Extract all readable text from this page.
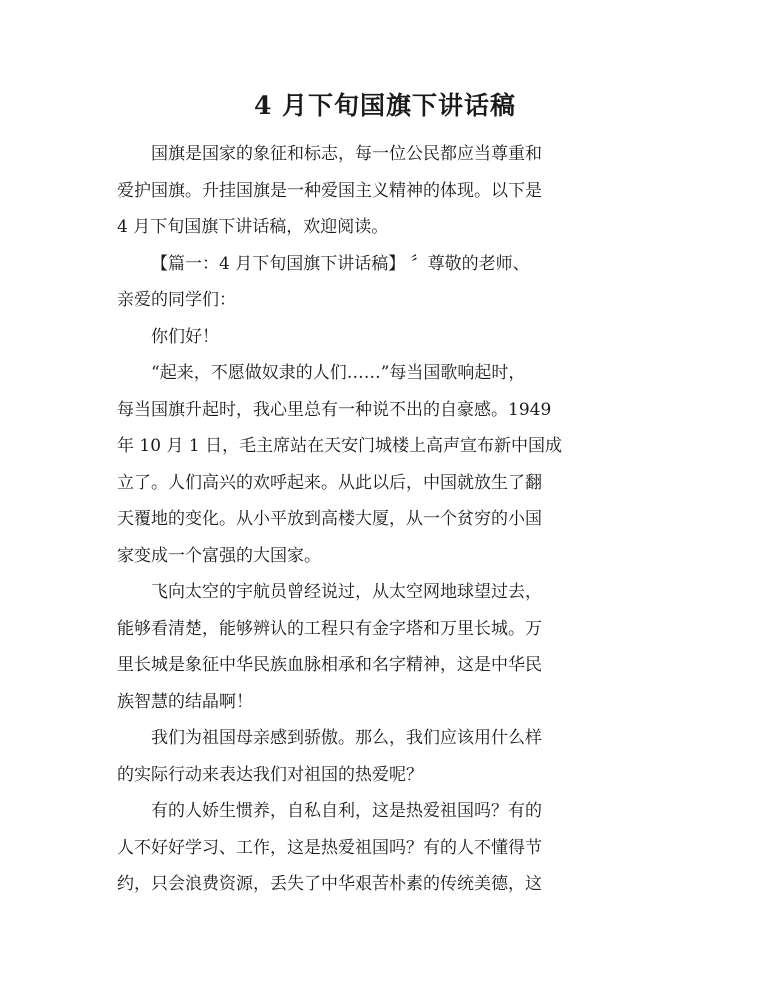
4 月下旬国旗下讲话稿

国旗是国家的象征和标志，每一位公民都应当尊重和

爱护国旗。升挂国旗是一种爱国主义精神的体现。以下是
4 月下旬国旗下讲话稿，欢迎阅读。

【篇一：4 月下旬国旗下讲话稿】 〞尊敬的老师、

亲爱的同学们：

你们好！

“起来，不愿做奴隶的人们……”每当国歌响起时，

每当国旗升起时，我心里总有一种说不出的自豪感。1949
年 10 月 1 日，毛主席站在天安门城楼上高声宣布新中国成
立了。人们高兴的欢呼起来。从此以后，中国就放生了翻
天覆地的变化。从小平放到高楼大厦，从一个贫穷的小国
家变成一个富强的大国家。

飞向太空的宇航员曾经说过，从太空网地球望过去，

能够看清楚，能够辨认的工程只有金字塔和万里长城。万
里长城是象征中华民族血脉相承和名字精神，这是中华民
族智慧的结晶啊！

我们为祖国母亲感到骄傲。那么，我们应该用什么样

的实际行动来表达我们对祖国的热爱呢？

有的人娇生惯养，自私自利，这是热爱祖国吗？有的

人不好好学习、工作，这是热爱祖国吗？有的人不懂得节
约，只会浪费资源，丢失了中华艰苦朴素的传统美德，这
